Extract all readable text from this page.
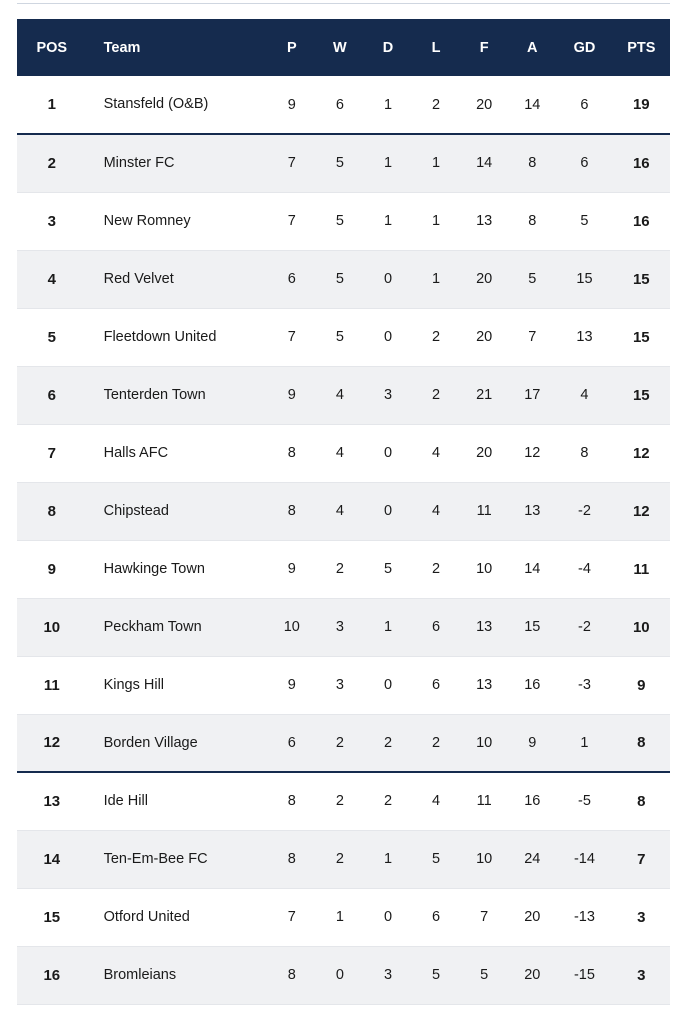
POS	Team	P	W	D	L	F	A	GD	PTS
1	Stansfeld (O&B)	9	6	1	2	20	14	6	19
2	Minster FC	7	5	1	1	14	8	6	16
3	New Romney	7	5	1	1	13	8	5	16
4	Red Velvet	6	5	0	1	20	5	15	15
5	Fleetdown United	7	5	0	2	20	7	13	15
6	Tenterden Town	9	4	3	2	21	17	4	15
7	Halls AFC	8	4	0	4	20	12	8	12
8	Chipstead	8	4	0	4	11	13	-2	12
9	Hawkinge Town	9	2	5	2	10	14	-4	11
10	Peckham Town	10	3	1	6	13	15	-2	10
11	Kings Hill	9	3	0	6	13	16	-3	9
12	Borden Village	6	2	2	2	10	9	1	8
13	Ide Hill	8	2	2	4	11	16	-5	8
14	Ten-Em-Bee FC	8	2	1	5	10	24	-14	7
15	Otford United	7	1	0	6	7	20	-13	3
16	Bromleians	8	0	3	5	5	20	-15	3
